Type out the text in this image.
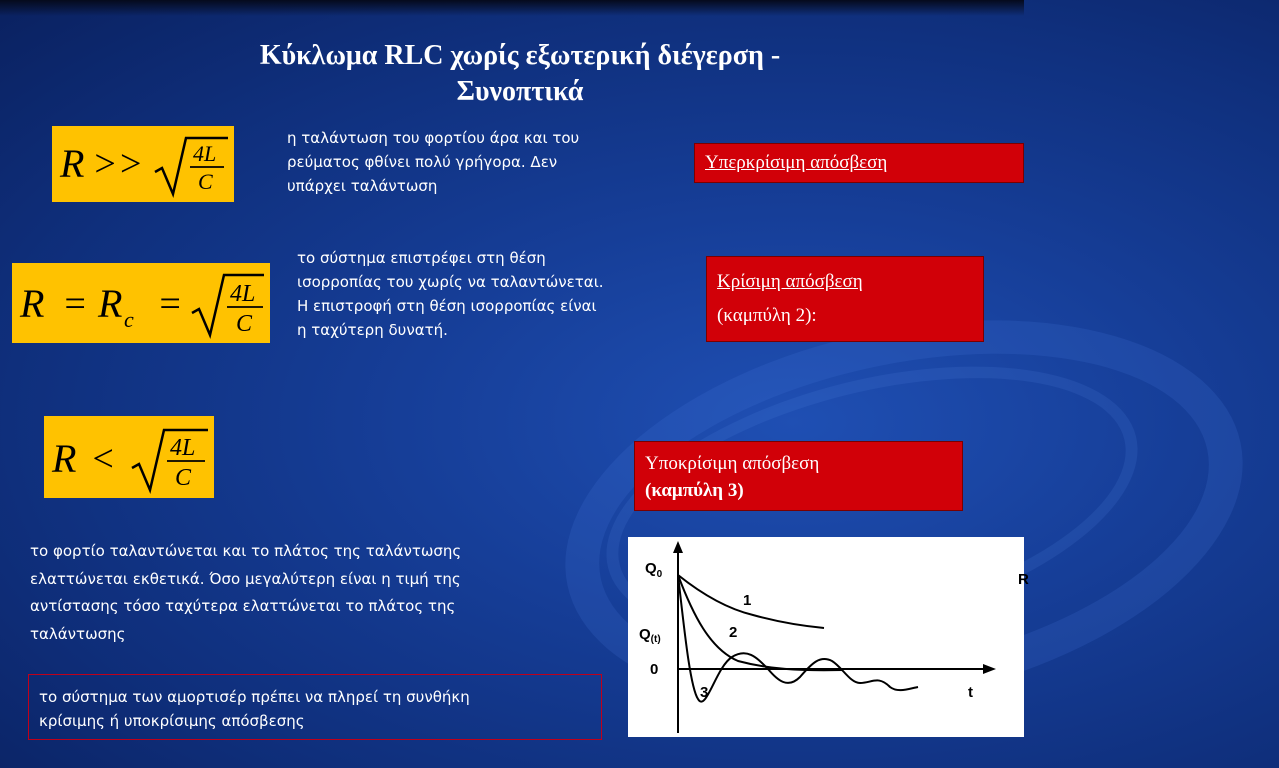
Κύκλωμα RLC χωρίς εξωτερική διέγερση -
Συνοπτικά
R >> 4L
C
η ταλάντωση του φορτίου άρα και του
ρεύματος φθίνει πολύ γρήγορα. Δεν
υπάρχει ταλάντωση
Υπερκρίσιμη απόσβεση
R = R c = 4L
C
το σύστημα επιστρέφει στη θέση
ισορροπίας του χωρίς να ταλαντώνεται.
Η επιστροφή στη θέση ισορροπίας είναι
η ταχύτερη δυνατή.
Κρίσιμη απόσβεση
(καμπύλη 2):
R < 4L
C
Υποκρίσιμη απόσβεση
(καμπύλη 3)
το φορτίο ταλαντώνεται και το πλάτος της ταλάντωσης
ελαττώνεται εκθετικά. Όσο μεγαλύτερη είναι η τιμή της
αντίστασης τόσο ταχύτερα ελαττώνεται το πλάτος της
ταλάντωσης
το σύστημα των αμορτισέρ πρέπει να πληρεί τη συνθήκη
κρίσιμης ή υποκρίσιμης απόσβεσης
$Q_0$
$Q_{(t)}$
0
t
R
1
2
3
